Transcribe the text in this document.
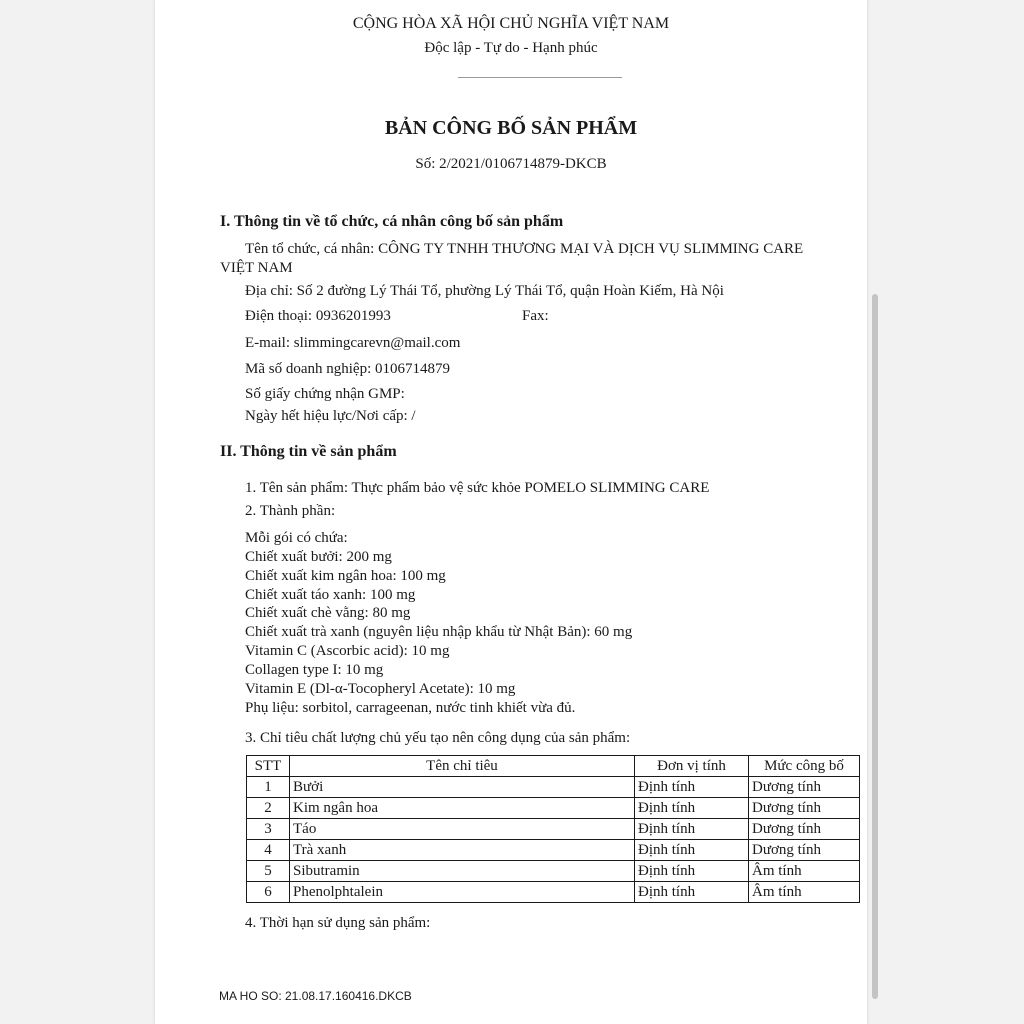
CỘNG HÒA XÃ HỘI CHỦ NGHĨA VIỆT NAM
Độc lập - Tự do - Hạnh phúc
BẢN CÔNG BỐ SẢN PHẨM
Số: 2/2021/0106714879-DKCB
I. Thông tin về tổ chức, cá nhân công bố sản phẩm
Tên tổ chức, cá nhân: CÔNG TY TNHH THƯƠNG MẠI VÀ DỊCH VỤ SLIMMING CARE
VIỆT NAM
Địa chỉ: Số 2 đường Lý Thái Tổ, phường Lý Thái Tổ, quận Hoàn Kiếm, Hà Nội
Điện thoại: 0936201993	Fax:
E-mail: slimmingcarevn@mail.com
Mã số doanh nghiệp: 0106714879
Số giấy chứng nhận GMP:
Ngày hết hiệu lực/Nơi cấp: /
II. Thông tin về sản phẩm
1. Tên sản phẩm: Thực phẩm bảo vệ sức khỏe POMELO SLIMMING CARE
2. Thành phần:
Mỗi gói có chứa:
Chiết xuất bưởi: 200 mg
Chiết xuất kim ngân hoa: 100 mg
Chiết xuất táo xanh: 100 mg
Chiết xuất chè vằng: 80 mg
Chiết xuất trà xanh (nguyên liệu nhập khẩu từ Nhật Bản): 60 mg
Vitamin C (Ascorbic acid): 10 mg
Collagen type I: 10 mg
Vitamin E (Dl-α-Tocopheryl Acetate): 10 mg
Phụ liệu: sorbitol, carrageenan, nước tinh khiết vừa đủ.
3. Chỉ tiêu chất lượng chủ yếu tạo nên công dụng của sản phẩm:
STT	Tên chỉ tiêu	Đơn vị tính	Mức công bố
1	Bưởi	Định tính	Dương tính
2	Kim ngân hoa	Định tính	Dương tính
3	Táo	Định tính	Dương tính
4	Trà xanh	Định tính	Dương tính
5	Sibutramin	Định tính	Âm tính
6	Phenolphtalein	Định tính	Âm tính
4. Thời hạn sử dụng sản phẩm:
MA HO SO: 21.08.17.160416.DKCB
